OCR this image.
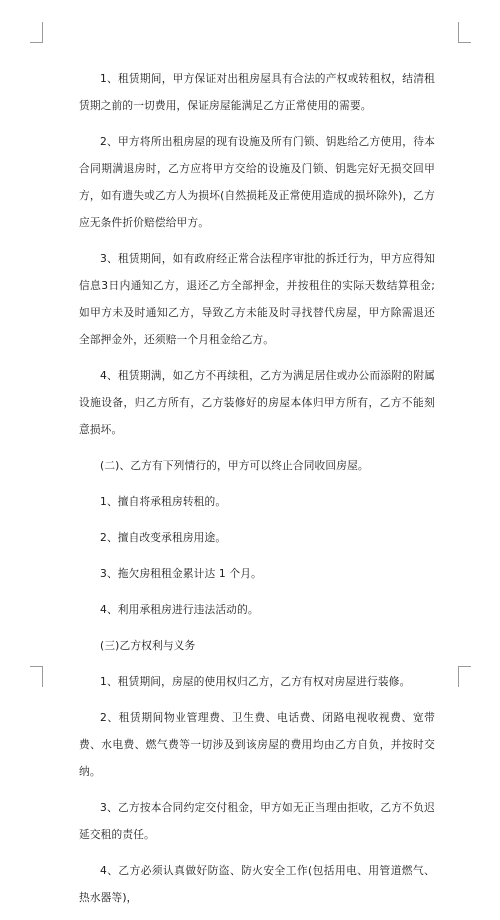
1、租赁期间，甲方保证对出租房屋具有合法的产权或转租权，结清租赁期之前的一切费用，保证房屋能满足乙方正常使用的需要。

2、甲方将所出租房屋的现有设施及所有门锁、钥匙给乙方使用，待本合同期满退房时，乙方应将甲方交给的设施及门锁、钥匙完好无损交回甲方，如有遗失或乙方人为损坏(自然损耗及正常使用造成的损坏除外)，乙方应无条件折价赔偿给甲方。

3、租赁期间，如有政府经正常合法程序审批的拆迁行为，甲方应得知信息3日内通知乙方，退还乙方全部押金，并按租住的实际天数结算租金;如甲方未及时通知乙方，导致乙方未能及时寻找替代房屋，甲方除需退还全部押金外，还须赔一个月租金给乙方。

4、租赁期满，如乙方不再续租，乙方为满足居住或办公而添附的附属设施设备，归乙方所有，乙方装修好的房屋本体归甲方所有，乙方不能刻意损坏。

(二)、乙方有下列情行的，甲方可以终止合同收回房屋。

1、擅自将承租房转租的。

2、擅自改变承租房用途。

3、拖欠房租租金累计达 1 个月。

4、利用承租房进行违法活动的。

(三)乙方权利与义务

1、租赁期间，房屋的使用权归乙方，乙方有权对房屋进行装修。

2、租赁期间物业管理费、卫生费、电话费、闭路电视收视费、宽带费、水电费、燃气费等一切涉及到该房屋的费用均由乙方自负，并按时交纳。

3、乙方按本合同约定交付租金，甲方如无正当理由拒收，乙方不负迟延交租的责任。

4、乙方必须认真做好防盗、防火安全工作(包括用电、用管道燃气、热水器等)，
